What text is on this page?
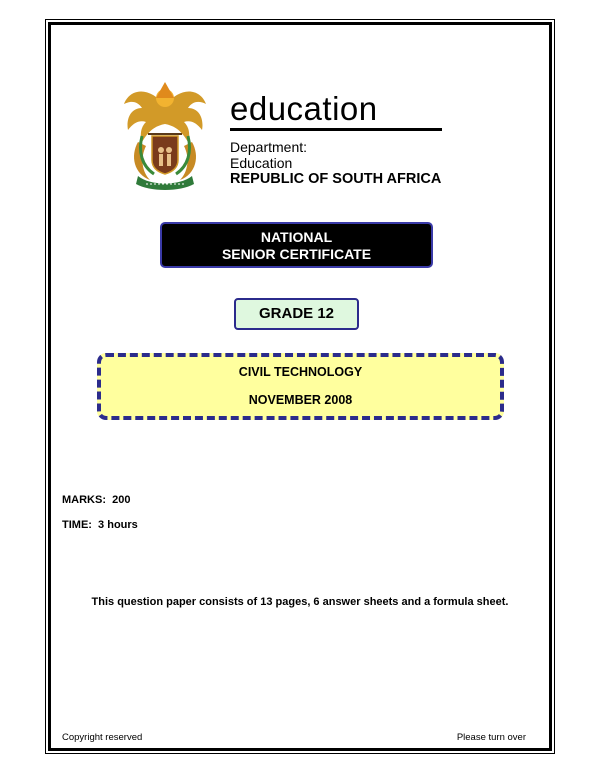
education
Department:
Education
REPUBLIC OF SOUTH AFRICA
NATIONAL
SENIOR CERTIFICATE
GRADE 12
CIVIL TECHNOLOGY
NOVEMBER 2008
MARKS:  200
TIME:  3 hours
This question paper consists of 13 pages, 6 answer sheets and a formula sheet.
Copyright reserved	Please turn over
